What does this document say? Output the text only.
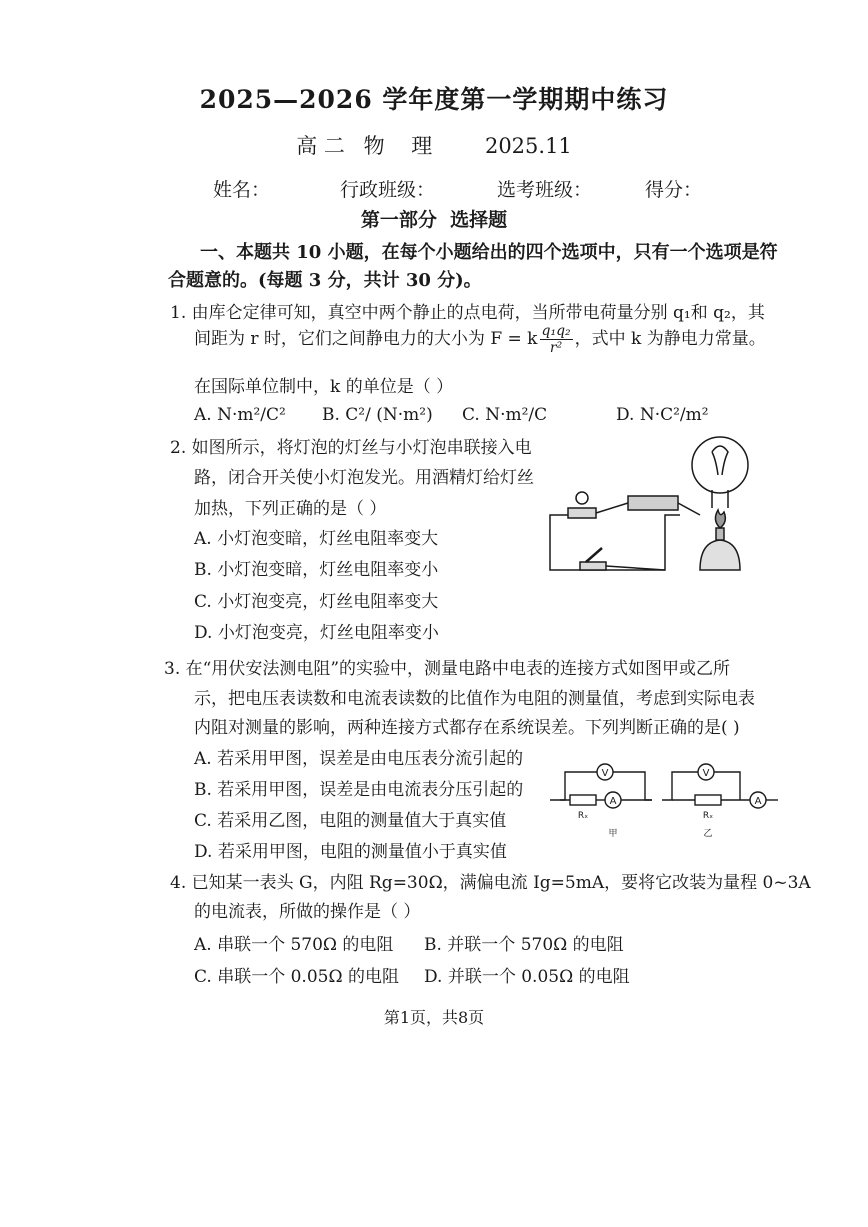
2025—2026 学年度第一学期期中练习
高 二 物    理	2025.11
姓名：	行政班级：	选考班级：	得分：
第一部分  选择题
一、本题共 10 小题，在每个小题给出的四个选项中，只有一个选项是符
合题意的。(每题 3 分，共计 30 分)。
1. 由库仑定律可知，真空中两个静止的点电荷，当所带电荷量分别 q₁和 q₂，其
间距为 r 时，它们之间静电力的大小为 F = k $\frac{\text{q₁q₂}}{\text{r²}}$ ，式中 k 为静电力常量。
在国际单位制中，k 的单位是（ ）
A. N·m²/C² B. C²/ (N·m²) C. N·m²/C	D. N·C²/m²
2. 如图所示，将灯泡的灯丝与小灯泡串联接入电
路，闭合开关使小灯泡发光。用酒精灯给灯丝
加热，下列正确的是（ ）
A. 小灯泡变暗，灯丝电阻率变大
B. 小灯泡变暗，灯丝电阻率变小
C. 小灯泡变亮，灯丝电阻率变大
D. 小灯泡变亮，灯丝电阻率变小
3. 在“用伏安法测电阻”的实验中，测量电路中电表的连接方式如图甲或乙所
示，把电压表读数和电流表读数的比值作为电阻的测量值，考虑到实际电表
内阻对测量的影响，两种连接方式都存在系统误差。下列判断正确的是( )
A. 若采用甲图，误差是由电压表分流引起的
B. 若采用甲图，误差是由电流表分压引起的
C. 若采用乙图，电阻的测量值大于真实值
D. 若采用甲图，电阻的测量值小于真实值
V
A
Rₓ
甲
V
A
Rₓ
乙
4. 已知某一表头 G，内阻 Rg=30Ω，满偏电流 Ig=5mA，要将它改装为量程 0~3A
的电流表，所做的操作是（ ）
A. 串联一个 570Ω 的电阻 B. 并联一个 570Ω 的电阻
C. 串联一个 0.05Ω 的电阻 D. 并联一个 0.05Ω 的电阻
第1页，共8页
